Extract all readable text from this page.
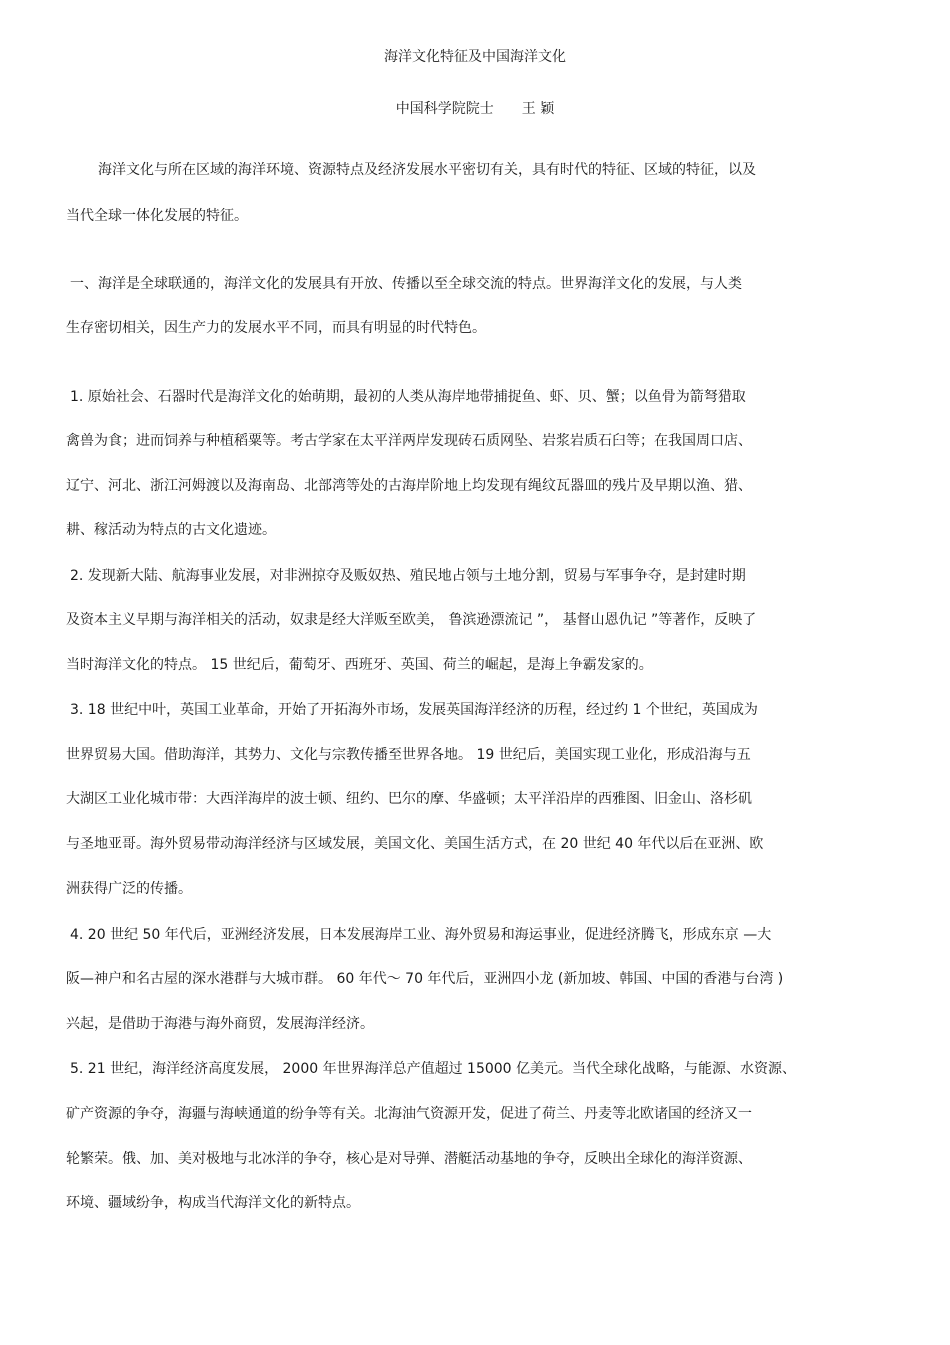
海洋文化特征及中国海洋文化
中国科学院院士 王 颖
海洋文化与所在区域的海洋环境、资源特点及经济发展水平密切有关，具有时代的特征、区域的特征，以及
当代全球一体化发展的特征。
一、海洋是全球联通的，海洋文化的发展具有开放、传播以至全球交流的特点。世界海洋文化的发展，与人类
生存密切相关，因生产力的发展水平不同，而具有明显的时代特色。
1. 原始社会、石器时代是海洋文化的始萌期，最初的人类从海岸地带捕捉鱼、虾、贝、蟹；以鱼骨为箭弩猎取
禽兽为食；进而饲养与种植稻粟等。考古学家在太平洋两岸发现砖石质网坠、岩浆岩质石臼等；在我国周口店、
辽宁、河北、浙江河姆渡以及海南岛、北部湾等处的古海岸阶地上均发现有绳纹瓦器皿的残片及早期以渔、猎、
耕、稼活动为特点的古文化遗迹。
2. 发现新大陆、航海事业发展，对非洲掠夺及贩奴热、殖民地占领与土地分割，贸易与军事争夺，是封建时期
及资本主义早期与海洋相关的活动，奴隶是经大洋贩至欧美， 鲁滨逊漂流记 ”， 基督山恩仇记 ”等著作，反映了
当时海洋文化的特点。 15 世纪后，葡萄牙、西班牙、英国、荷兰的崛起，是海上争霸发家的。
3. 18 世纪中叶，英国工业革命，开始了开拓海外市场，发展英国海洋经济的历程，经过约 1 个世纪，英国成为
世界贸易大国。借助海洋，其势力、文化与宗教传播至世界各地。 19 世纪后，美国实现工业化，形成沿海与五
大湖区工业化城市带：大西洋海岸的波士顿、纽约、巴尔的摩、华盛顿；太平洋沿岸的西雅图、旧金山、洛杉矶
与圣地亚哥。海外贸易带动海洋经济与区域发展，美国文化、美国生活方式，在 20 世纪 40 年代以后在亚洲、欧
洲获得广泛的传播。
4. 20 世纪 50 年代后，亚洲经济发展，日本发展海岸工业、海外贸易和海运事业，促进经济腾飞，形成东京 —大
阪—神户和名古屋的深水港群与大城市群。 60 年代～ 70 年代后，亚洲四小龙 (新加坡、韩国、中国的香港与台湾 )
兴起，是借助于海港与海外商贸，发展海洋经济。
5. 21 世纪，海洋经济高度发展， 2000 年世界海洋总产值超过 15000 亿美元。当代全球化战略，与能源、水资源、
矿产资源的争夺，海疆与海峡通道的纷争等有关。北海油气资源开发，促进了荷兰、丹麦等北欧诸国的经济又一
轮繁荣。俄、加、美对极地与北冰洋的争夺，核心是对导弹、潜艇活动基地的争夺，反映出全球化的海洋资源、
环境、疆域纷争，构成当代海洋文化的新特点。
